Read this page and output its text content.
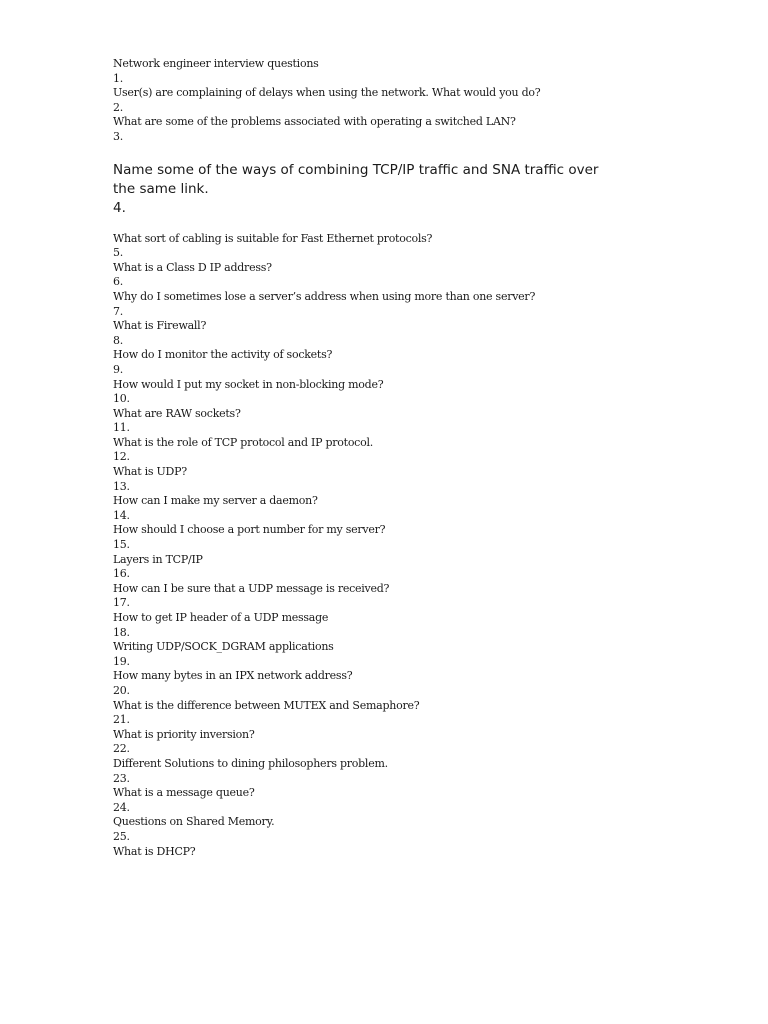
Network engineer interview questions
1.
User(s) are complaining of delays when using the network. What would you do?
2.
What are some of the problems associated with operating a switched LAN?
3.
Name some of the ways of combining TCP/IP traffic and SNA traffic over the same link.
4.
What sort of cabling is suitable for Fast Ethernet protocols?
5.
What is a Class D IP address?
6.
Why do I sometimes lose a server’s address when using more than one server?
7.
What is Firewall?
8.
How do I monitor the activity of sockets?
9.
How would I put my socket in non-blocking mode?
10.
What are RAW sockets?
11.
What is the role of TCP protocol and IP protocol.
12.
What is UDP?
13.
How can I make my server a daemon?
14.
How should I choose a port number for my server?
15.
Layers in TCP/IP
16.
How can I be sure that a UDP message is received?
17.
How to get IP header of a UDP message
18.
Writing UDP/SOCK_DGRAM applications
19.
How many bytes in an IPX network address?
20.
What is the difference between MUTEX and Semaphore?
21.
What is priority inversion?
22.
Different Solutions to dining philosophers problem.
23.
What is a message queue?
24.
Questions on Shared Memory.
25.
What is DHCP?
